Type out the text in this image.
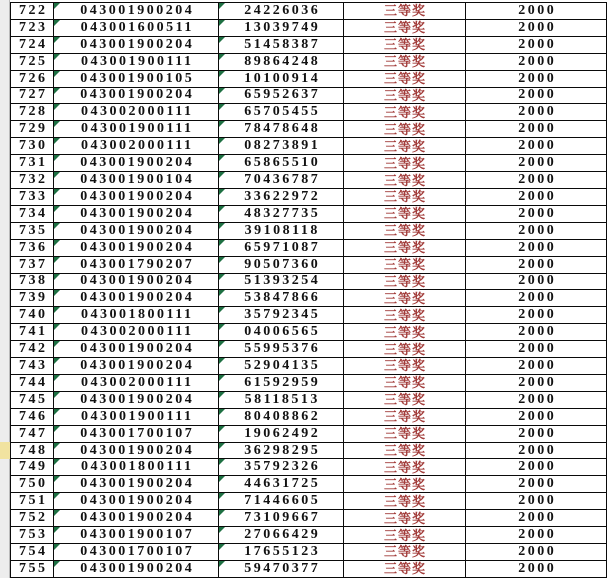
722 043001900204	24226036	三等奖	2000
723 043001600511	13039749	三等奖	2000
724 043001900204	51458387	三等奖	2000
725 043001900111	89864248	三等奖	2000
726 043001900105	10100914	三等奖	2000
727 043001900204	65952637	三等奖	2000
728 043002000111	65705455	三等奖	2000
729 043001900111	78478648	三等奖	2000
730 043002000111	08273891	三等奖	2000
731 043001900204	65865510	三等奖	2000
732 043001900104	70436787	三等奖	2000
733 043001900204	33622972	三等奖	2000
734 043001900204	48327735	三等奖	2000
735 043001900204	39108118	三等奖	2000
736 043001900204	65971087	三等奖	2000
737 043001790207	90507360	三等奖	2000
738 043001900204	51393254	三等奖	2000
739 043001900204	53847866	三等奖	2000
740 043001800111	35792345	三等奖	2000
741 043002000111	04006565	三等奖	2000
742 043001900204	55995376	三等奖	2000
743 043001900204	52904135	三等奖	2000
744 043002000111	61592959	三等奖	2000
745 043001900204	58118513	三等奖	2000
746 043001900111	80408862	三等奖	2000
747 043001700107	19062492	三等奖	2000
748 043001900204	36298295	三等奖	2000
749 043001800111	35792326	三等奖	2000
750 043001900204	44631725	三等奖	2000
751 043001900204	71446605	三等奖	2000
752 043001900204	73109667	三等奖	2000
753 043001900107	27066429	三等奖	2000
754 043001700107	17655123	三等奖	2000
755 043001900204	59470377	三等奖	2000
